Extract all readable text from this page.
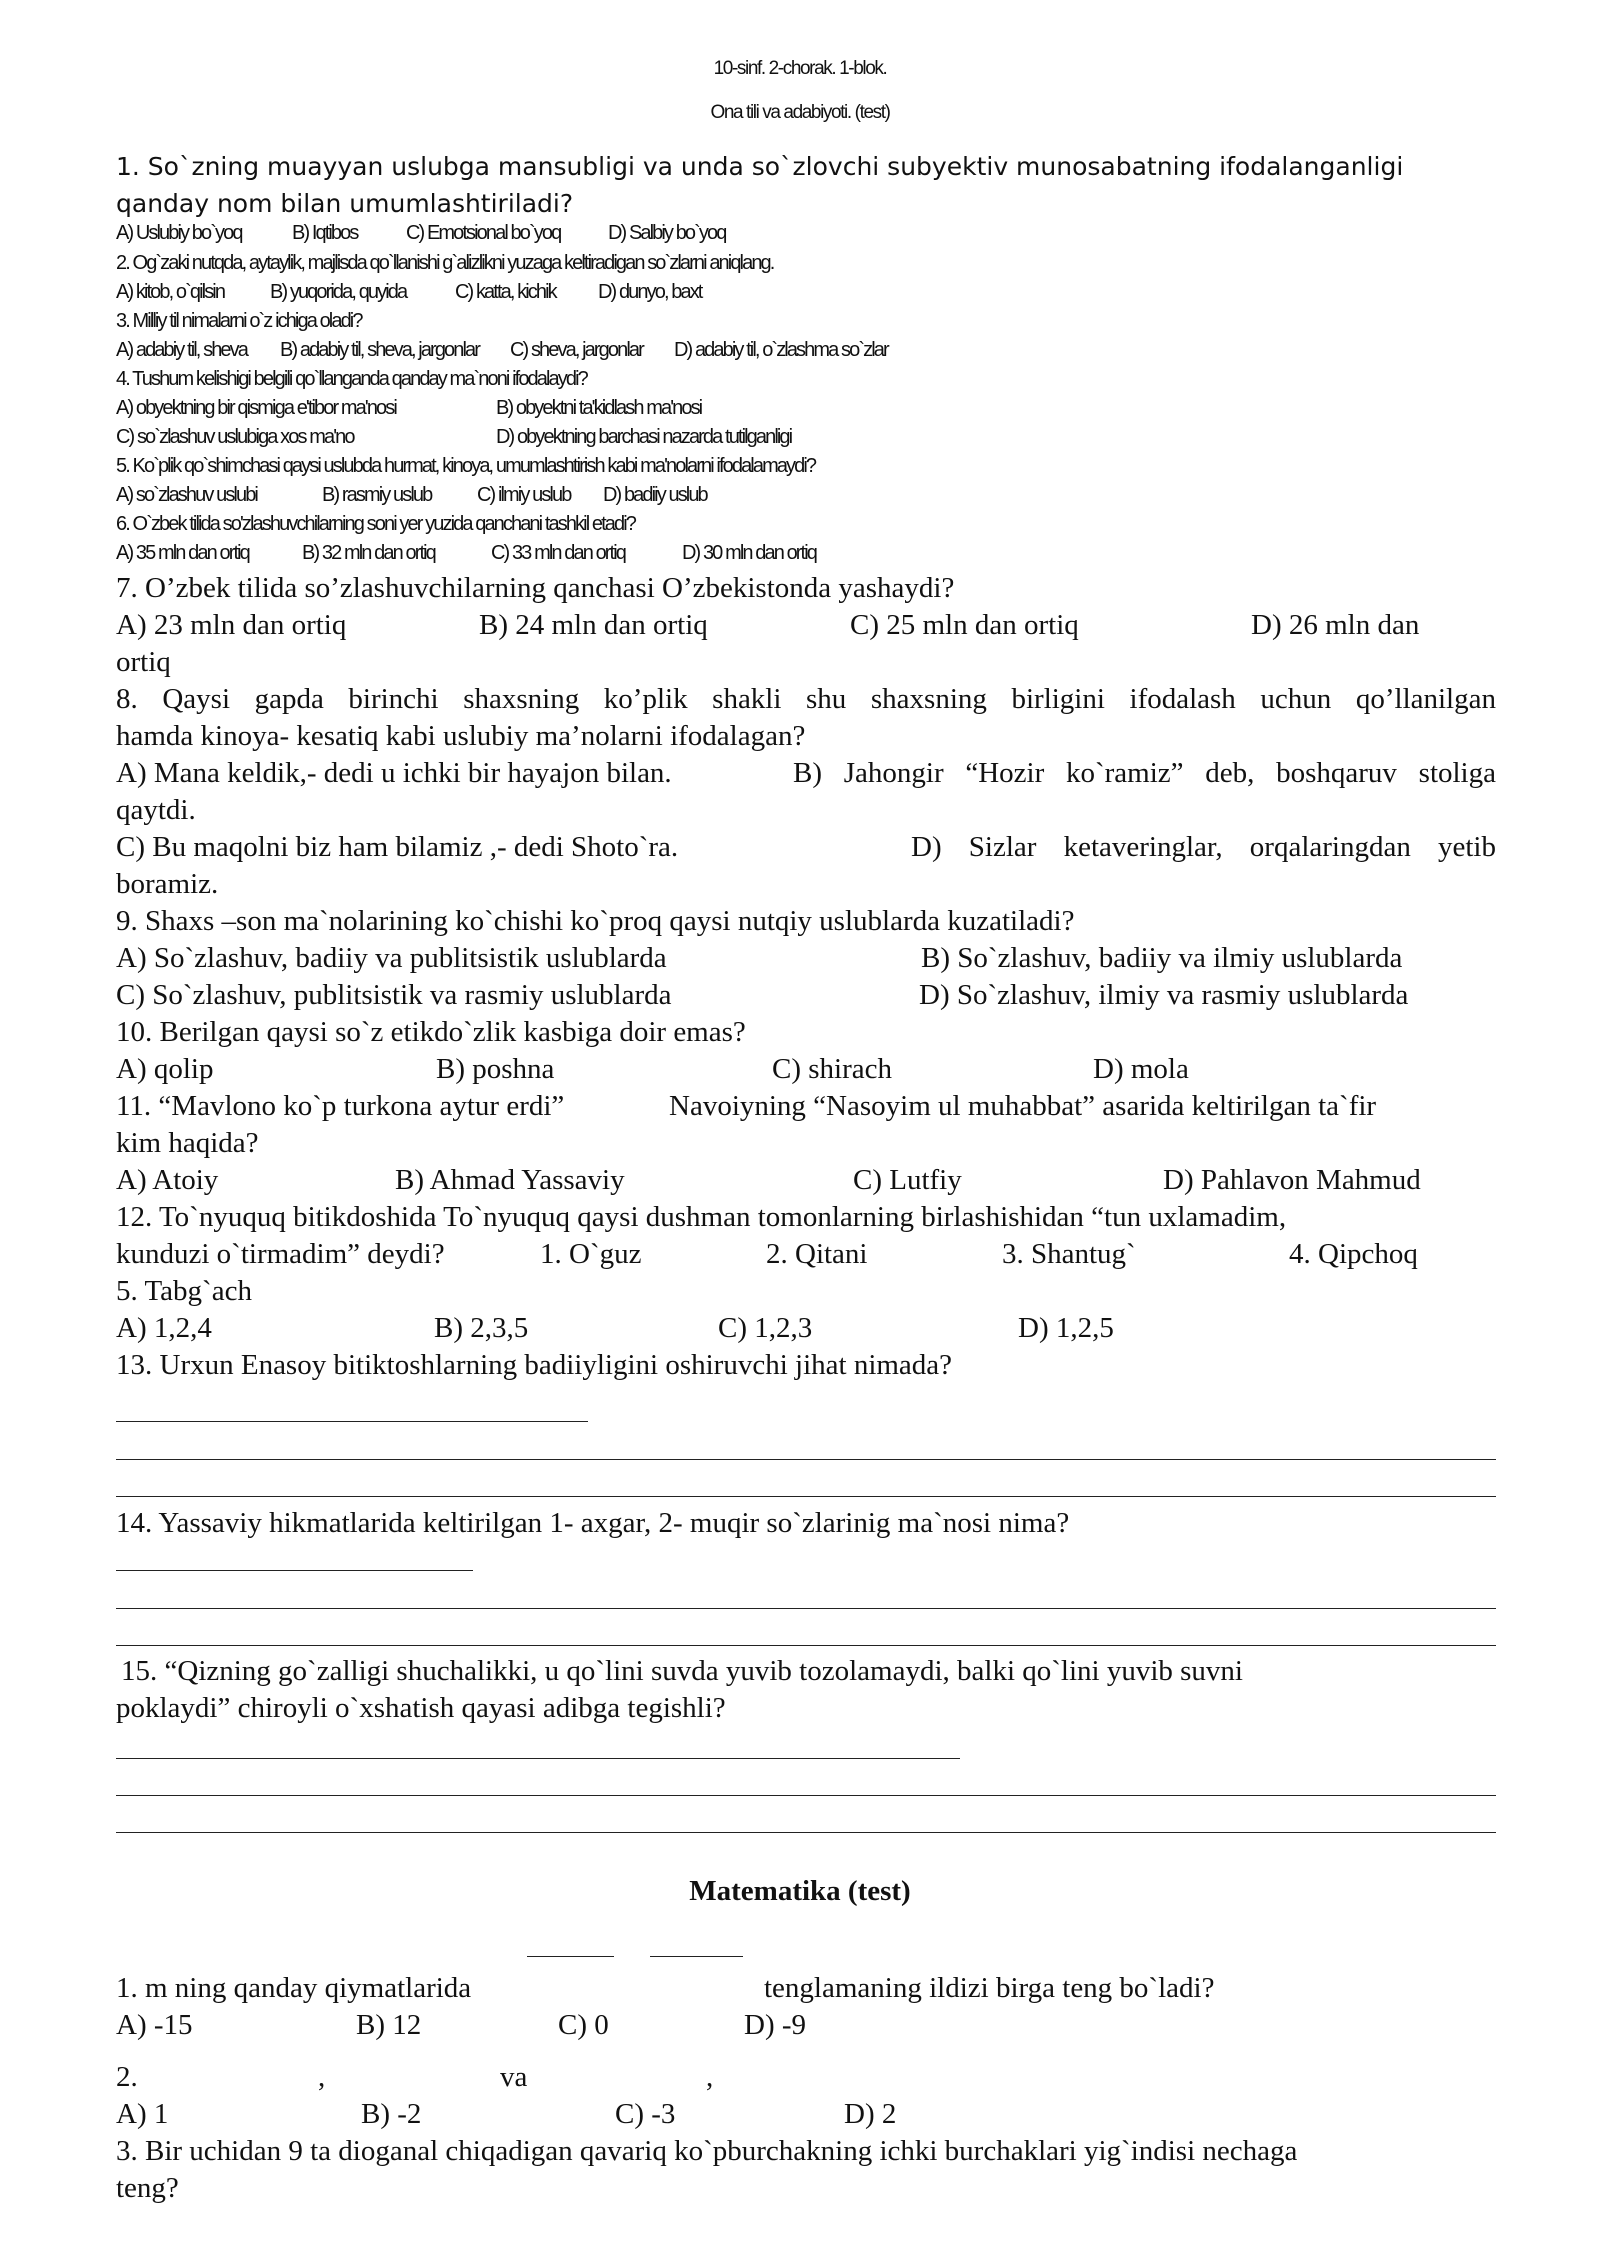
10-sinf. 2-chorak. 1-blok.
Ona tili va adabiyoti. (test)
1. So`zning muayyan uslubga mansubligi va unda so`zlovchi subyektiv munosabatning ifodalanganligi qanday nom bilan umumlashtiriladi?
A) Uslubiy bo`yoq	B) Iqtibos C) Emotsional bo`yoq D) Salbiy bo`yoq
2. Og`zaki nutqda, aytaylik, majlisda qo`llanishi g`alizlikni yuzaga keltiradigan so`zlarni aniqlang.
A) kitob, o`qilsin B) yuqorida, quyida C) katta, kichik D) dunyo, baxt
3. Milliy til nimalarni o`z ichiga oladi?
A) adabiy til, sheva B) adabiy til, sheva, jargonlar C) sheva, jargonlar D) adabiy til, o`zlashma so`zlar
4. Tushum kelishigi belgili qo`llanganda qanday ma`noni ifodalaydi?
A) obyektning bir qismiga e'tibor ma'nosi	B) obyektni ta'kidlash ma'nosi
C) so`zlashuv uslubiga xos ma'no	D) obyektning barchasi nazarda tutilganligi
5. Ko`plik qo`shimchasi qaysi uslubda hurmat, kinoya, umumlashtirish kabi ma'nolarni ifodalamaydi?
A) so`zlashuv uslubi	B) rasmiy uslub C) ilmiy uslub D) badiiy uslub
6. O`zbek tilida so'zlashuvchilarning soni yer yuzida qanchani tashkil etadi?
A) 35 mln dan ortiq	B) 32 mln dan ortiq	C) 33 mln dan ortiq	D) 30 mln dan ortiq
7. O’zbek tilida so’zlashuvchilarning qanchasi O’zbekistonda yashaydi?
A) 23 mln dan ortiq	B) 24 mln dan ortiq	C) 25 mln dan ortiq	D) 26 mln dan
ortiq
8. Qaysi gapda birinchi shaxsning ko’plik shakli shu shaxsning birligini ifodalash uchun qo’llanilgan
hamda kinoya- kesatiq kabi uslubiy ma’nolarni ifodalagan?
A) Mana keldik,- dedi u ichki bir hayajon bilan.	B) Jahongir “Hozir ko`ramiz” deb, boshqaruv stoliga
qaytdi.
C) Bu maqolni biz ham bilamiz ,- dedi Shoto`ra.	D) Sizlar ketaveringlar, orqalaringdan yetib
boramiz.
9. Shaxs –son ma`nolarining ko`chishi ko`proq qaysi nutqiy uslublarda kuzatiladi?
A) So`zlashuv, badiiy va publitsistik uslublarda	B) So`zlashuv, badiiy va ilmiy uslublarda
C) So`zlashuv, publitsistik va rasmiy uslublarda	D) So`zlashuv, ilmiy va rasmiy uslublarda
10. Berilgan qaysi so`z etikdo`zlik kasbiga doir emas?
A) qolip	B) poshna	C) shirach	D) mola
11. “Mavlono ko`p turkona aytur erdi”	Navoiyning “Nasoyim ul muhabbat” asarida keltirilgan ta`fir
kim haqida?
A) Atoiy	B) Ahmad Yassaviy	C) Lutfiy	D) Pahlavon Mahmud
12. To`nyuquq bitikdoshida To`nyuquq qaysi dushman tomonlarning birlashishidan “tun uxlamadim,
kunduzi o`tirmadim” deydi?	1. O`guz	2. Qitani	3. Shantug`	4. Qipchoq
5. Tabg`ach
A) 1,2,4	B) 2,3,5	C) 1,2,3	D) 1,2,5
13. Urxun Enasoy bitiktoshlarning badiiyligini oshiruvchi jihat nimada?
14. Yassaviy hikmatlarida keltirilgan 1- axgar, 2- muqir so`zlarinig ma`nosi nima?
15. “Qizning go`zalligi shuchalikki, u qo`lini suvda yuvib tozolamaydi, balki qo`lini yuvib suvni
poklaydi” chiroyli o`xshatish qayasi adibga tegishli?
Matematika (test)
1. m ning qanday qiymatlarida	tenglamaning ildizi birga teng bo`ladi?
A) -15	B) 12	C) 0	D) -9
2.	,	va	,
A) 1	B) -2	C) -3	D) 2
3. Bir uchidan 9 ta dioganal chiqadigan qavariq ko`pburchakning ichki burchaklari yig`indisi nechaga
teng?
